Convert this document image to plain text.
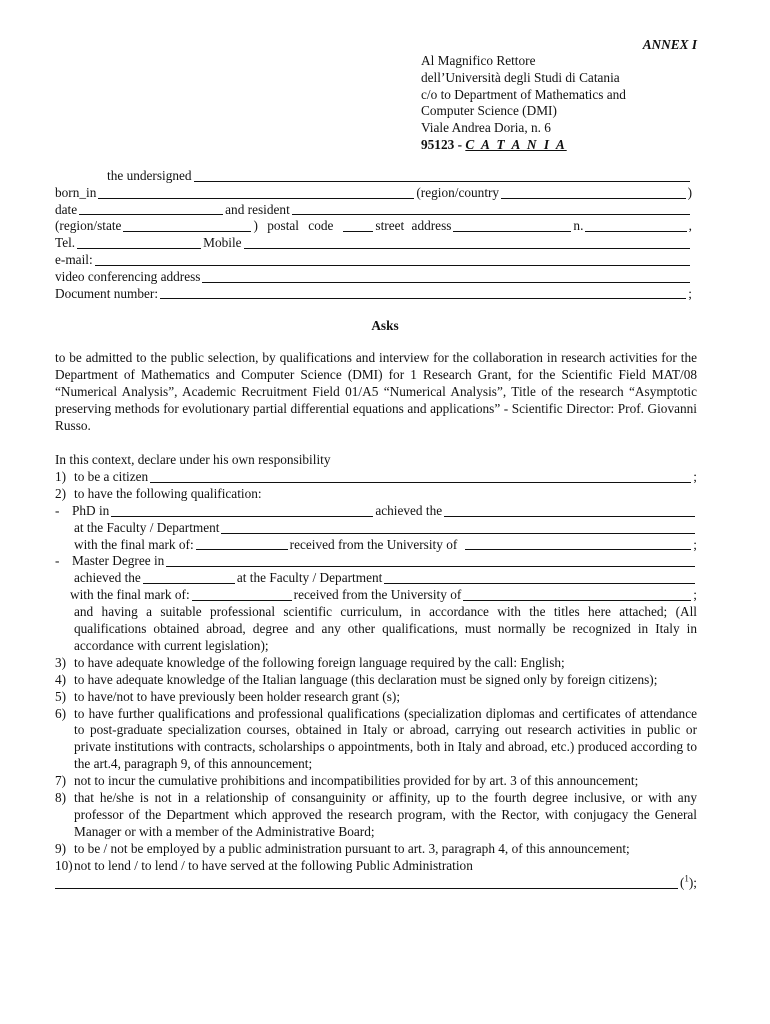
ANNEX I
Al Magnifico Rettore
dell’Università degli Studi di Catania
c/o to Department of Mathematics and
Computer Science (DMI)
Viale Andrea Doria, n. 6
95123 - C A T A N I A
the undersigned
born_in	(region/country	)
date	and resident
(region/state	) postal code	street address	n.	,
Tel.	Mobile
e-mail:
video conferencing address
Document number:	;
Asks

to be admitted to the public selection, by qualifications and interview for the collaboration in research activities for the Department of Mathematics and Computer Science (DMI) for 1 Research Grant, for the Scientific Field MAT/08 “Numerical Analysis”, Academic Recruitment Field 01/A5 “Numerical Analysis”, Title of the research “Asymptotic preserving methods for evolutionary partial differential equations and applications” - Scientific Director: Prof. Giovanni Russo.

In this context, declare under his own responsibility

1) to be a citizen	;
2) to have the following qualification:
- PhD in	achieved the
at the Faculty / Department
with the final mark of:	received from the University of	;
- Master Degree in
achieved the	at the Faculty / Department
with the final mark of:	received from the University of	;
and having a suitable professional scientific curriculum, in accordance with the titles here attached; (All qualifications obtained abroad, degree and any other qualifications, must normally be recognized in Italy in accordance with current legislation);
3) to have adequate knowledge of the following foreign language required by the call: English;
4) to have adequate knowledge of the Italian language (this declaration must be signed only by foreign citizens);
5) to have/not to have previously been holder research grant (s);
6) to have further qualifications and professional qualifications (specialization diplomas and certificates of attendance to post-graduate specialization courses, obtained in Italy or abroad, carrying out research activities in public or private institutions with contracts, scholarships o appointments, both in Italy and abroad, etc.) produced according to the art.4, paragraph 9, of this announcement;
7) not to incur the cumulative prohibitions and incompatibilities provided for by art. 3 of this announcement;
8) that he/she is not in a relationship of consanguinity or affinity, up to the fourth degree inclusive, or with any professor of the Department which approved the research program, with the Rector, with conjugacy the General Manager or with a member of the Administrative Board;
9) to be / not be employed by a public administration pursuant to art. 3, paragraph 4, of this announcement;
10) not to lend / to lend / to have served at the following Public Administration
($^1$);
